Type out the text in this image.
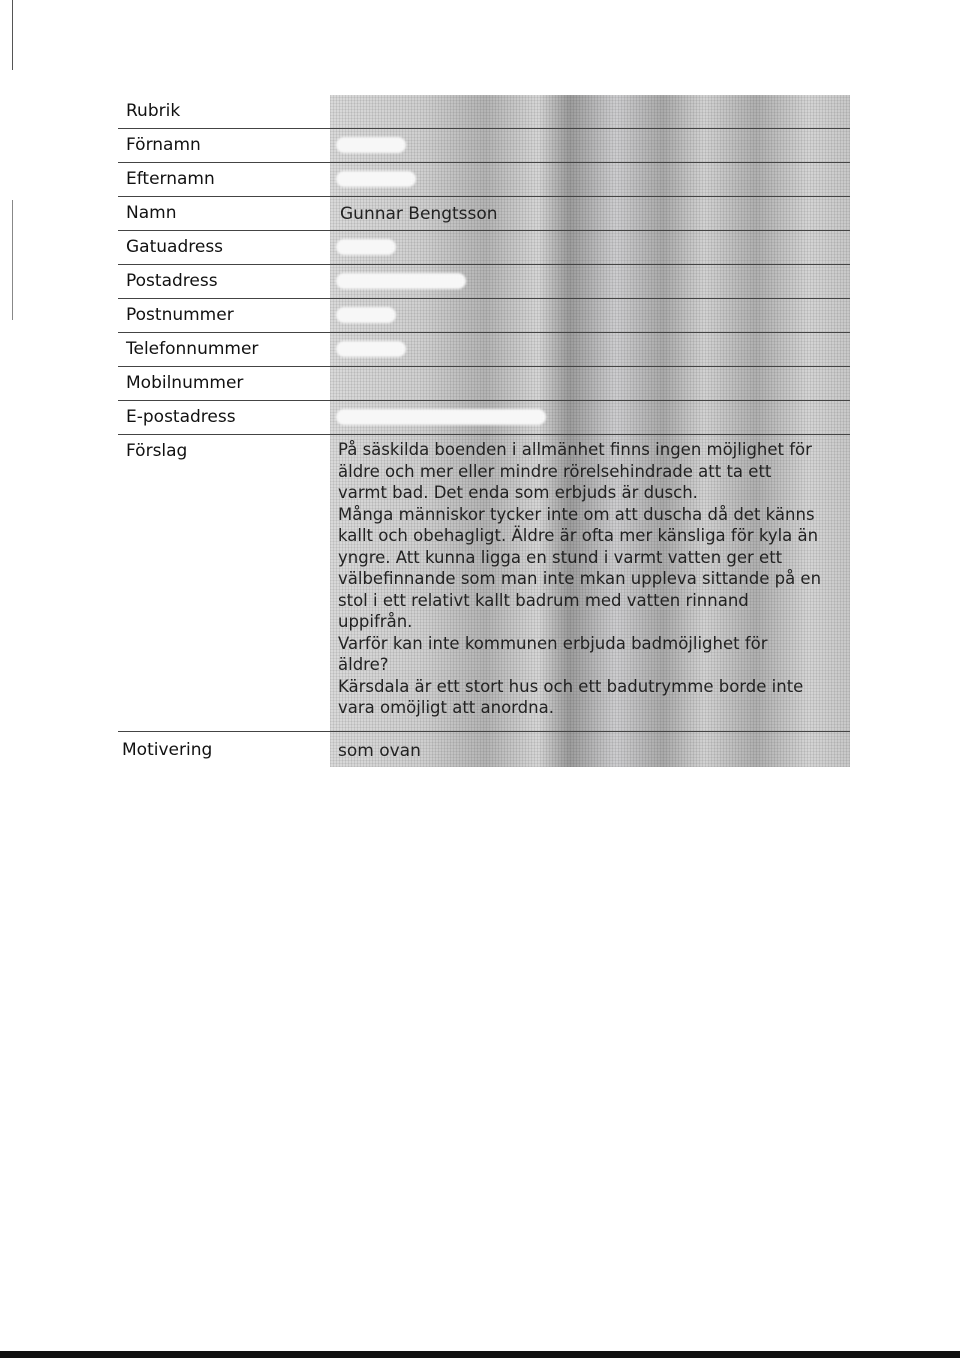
Rubrik
Förnamn
Efternamn
Namn	Gunnar Bengtsson
Gatuadress
Postadress
Postnummer
Telefonnummer
Mobilnummer
E-postadress
Förslag	På säskilda boenden i allmänhet finns ingen möjlighet för
äldre och mer eller mindre rörelsehindrade att ta ett
varmt bad. Det enda som erbjuds är dusch.
Många människor tycker inte om att duscha då det känns
kallt och obehagligt. Äldre är ofta mer känsliga för kyla än
yngre. Att kunna ligga en stund i varmt vatten ger ett
välbefinnande som man inte mkan uppleva sittande på en
stol i ett relativt kallt badrum med vatten rinnand
uppifrån.
Varför kan inte kommunen erbjuda badmöjlighet för
äldre?
Kärsdala är ett stort hus och ett badutrymme borde inte
vara omöjligt att anordna.
Motivering	som ovan
